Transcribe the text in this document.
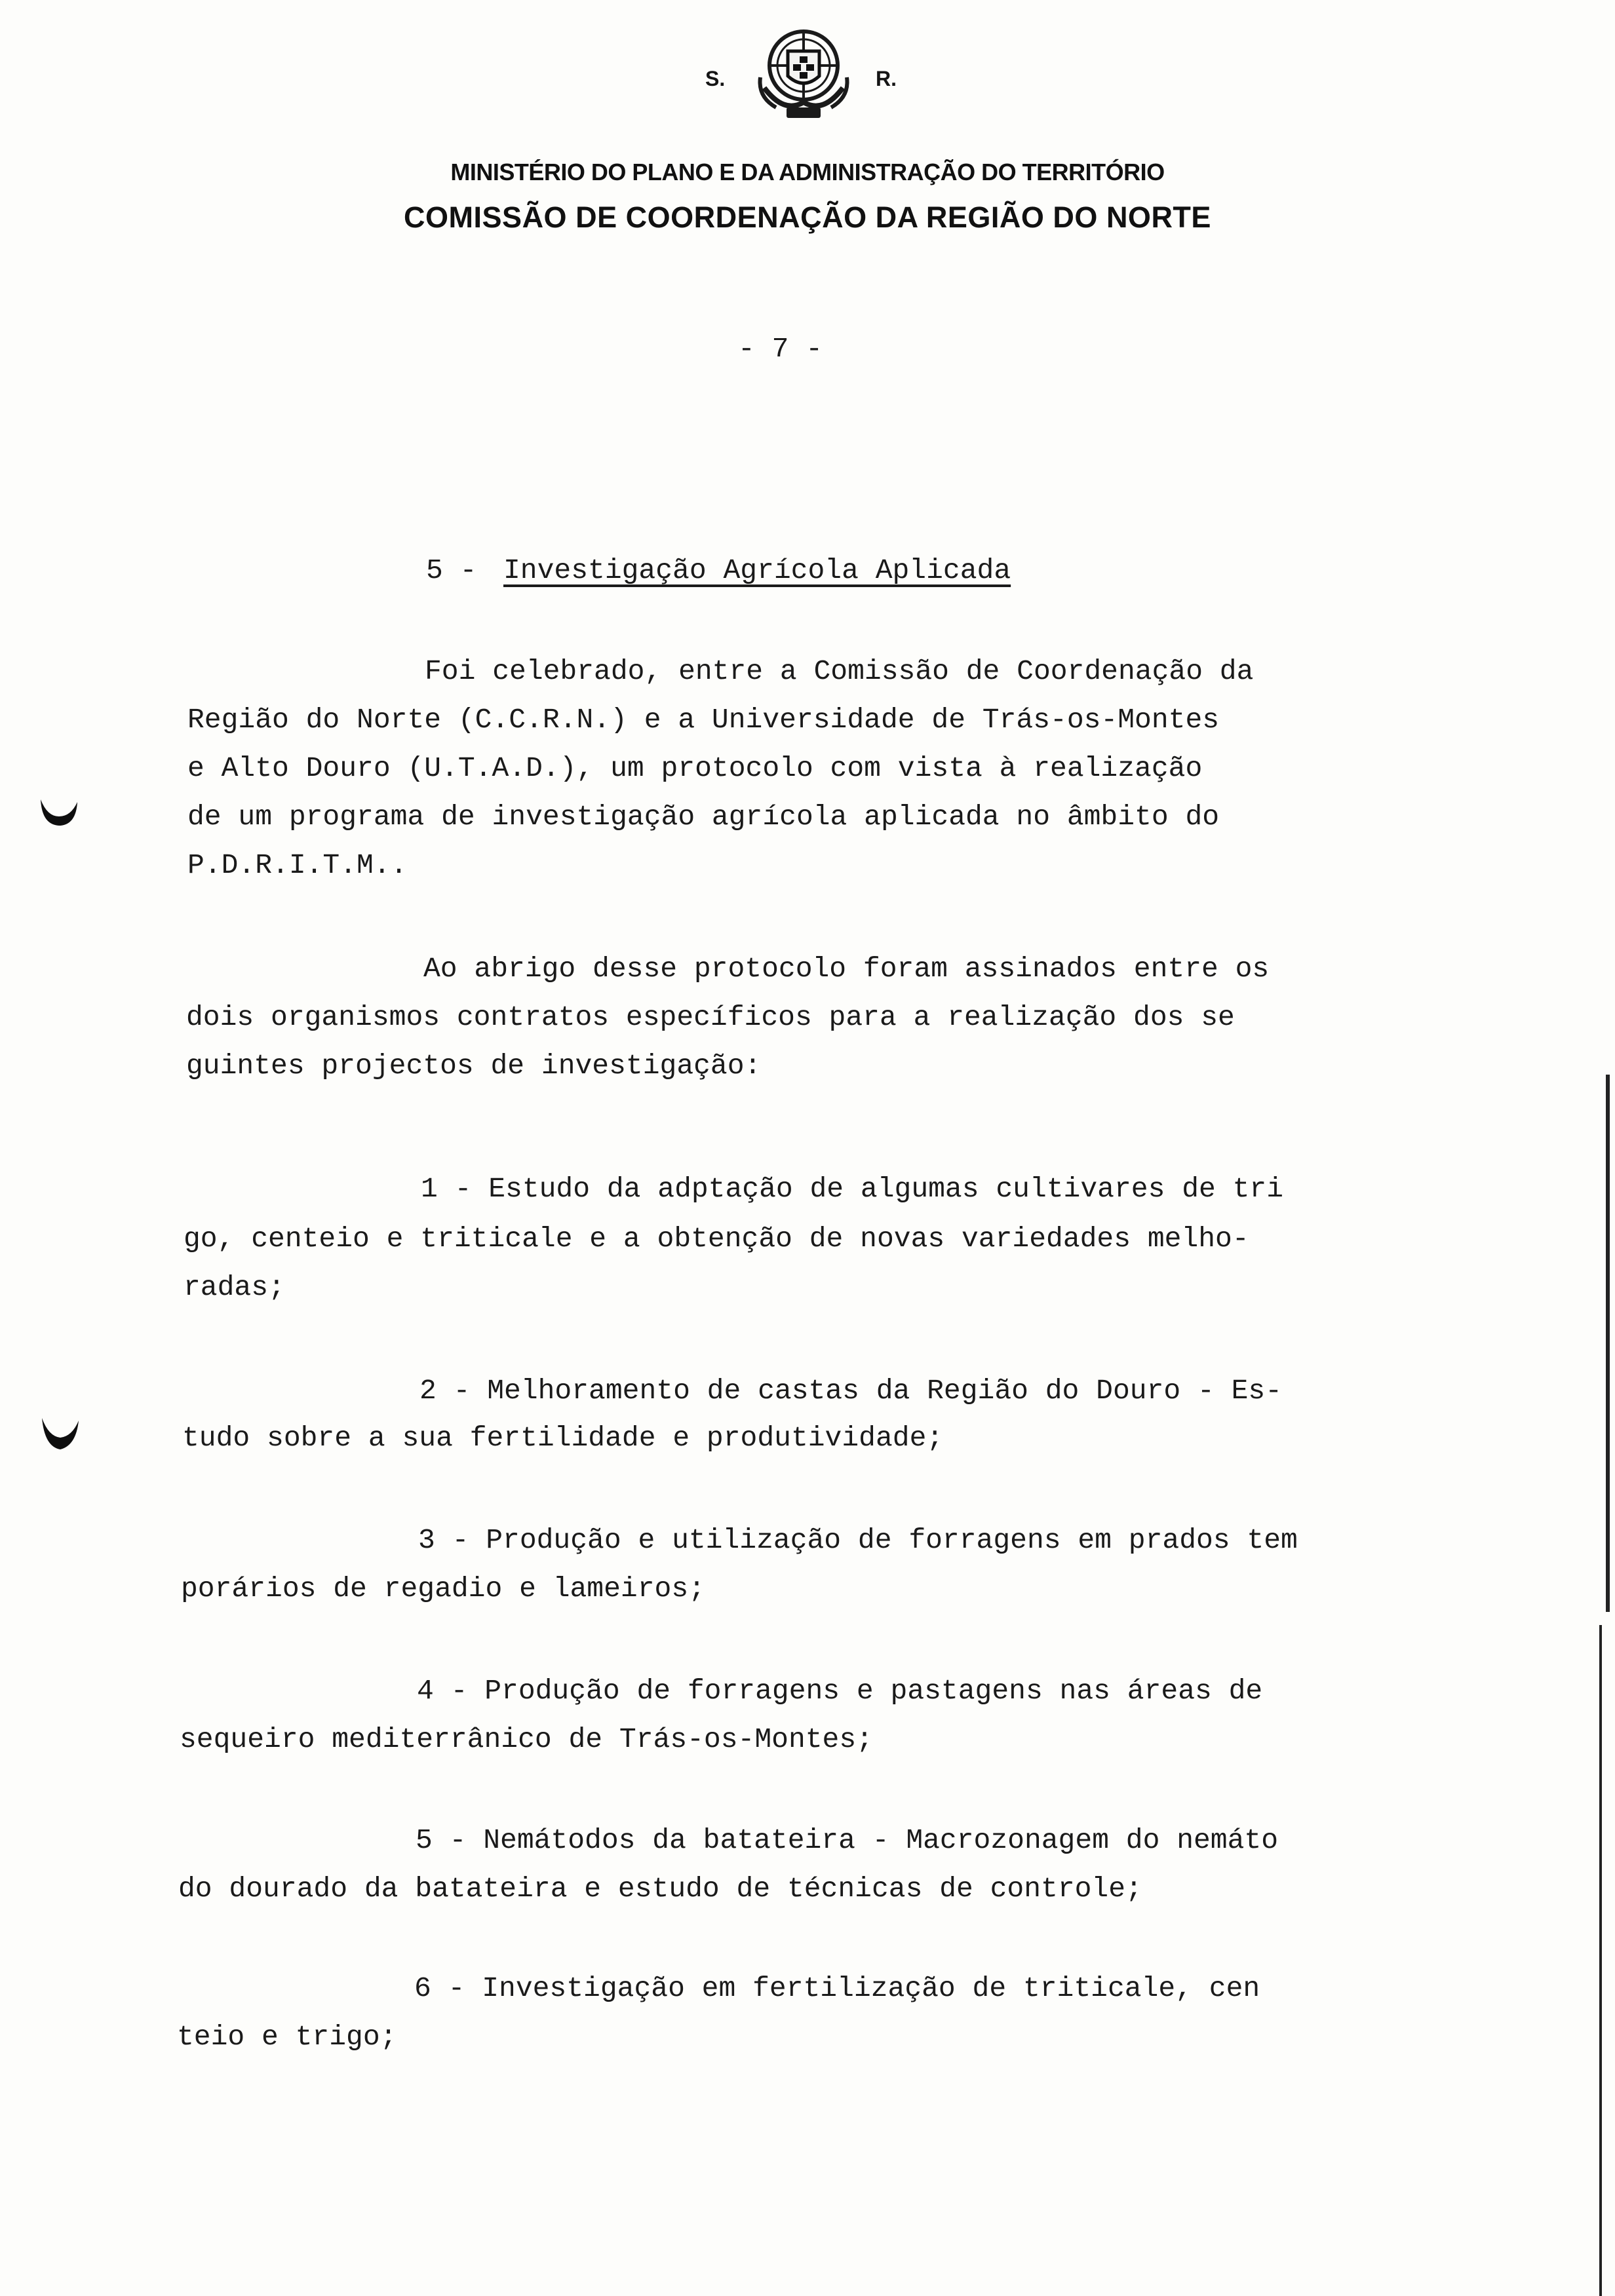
S.	R.
MINISTÉRIO DO PLANO E DA ADMINISTRAÇÃO DO TERRITÓRIO
COMISSÃO DE COORDENAÇÃO DA REGIÃO DO NORTE
- 7 -
5 - Investigação Agrícola Aplicada
Foi celebrado, entre a Comissão de Coordenação da
Região do Norte (C.C.R.N.) e a Universidade de Trás-os-Montes
e Alto Douro (U.T.A.D.), um protocolo com vista à realização
de um programa de investigação agrícola aplicada no âmbito do
P.D.R.I.T.M..
Ao abrigo desse protocolo foram assinados entre os
dois organismos contratos específicos para a realização dos se
guintes projectos de investigação:
1 - Estudo da adptação de algumas cultivares de tri
go, centeio e triticale e a obtenção de novas variedades melho-
radas;
2 - Melhoramento de castas da Região do Douro - Es-
tudo sobre a sua fertilidade e produtividade;
3 - Produção e utilização de forragens em prados tem
porários de regadio e lameiros;
4 - Produção de forragens e pastagens nas áreas de
sequeiro mediterrânico de Trás-os-Montes;
5 - Nemátodos da batateira - Macrozonagem do nemáto
do dourado da batateira e estudo de técnicas de controle;
6 - Investigação em fertilização de triticale, cen
teio e trigo;
